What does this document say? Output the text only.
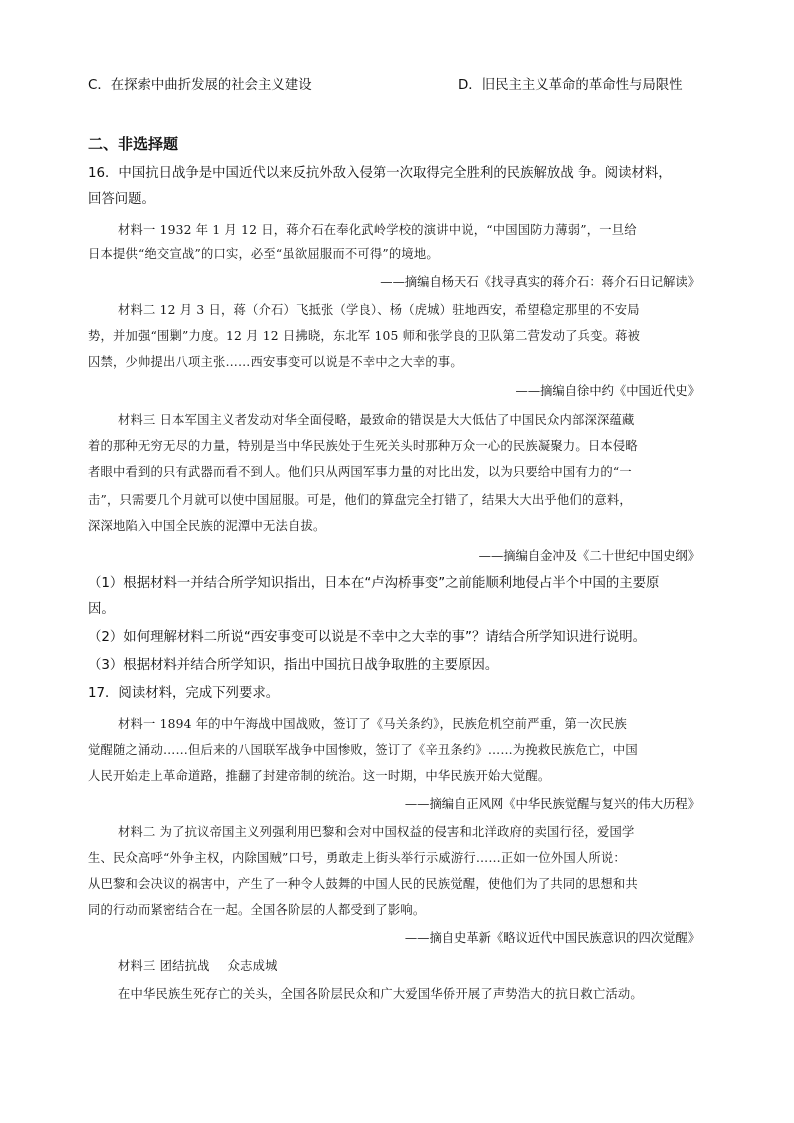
C．在探索中曲折发展的社会主义建设	D．旧民主主义革命的革命性与局限性
二、非选择题
16．中国抗日战争是中国近代以来反抗外敌入侵第一次取得完全胜利的民族解放战 争。阅读材料，
回答问题。
材料一 1932 年 1 月 12 日，蒋介石在奉化武岭学校的演讲中说，“中国国防力薄弱”，一旦给
日本提供“绝交宣战”的口实，必至“虽欲屈服而不可得”的境地。
——摘编自杨天石《找寻真实的蒋介石：蒋介石日记解读》
材料二 12 月 3 日，蒋（介石）飞抵张（学良）、杨（虎城）驻地西安，希望稳定那里的不安局
势，并加强“围剿”力度。12 月 12 日拂晓，东北军 105 师和张学良的卫队第二营发动了兵变。蒋被
囚禁，少帅提出八项主张……西安事变可以说是不幸中之大幸的事。
——摘编自徐中约《中国近代史》
材料三 日本军国主义者发动对华全面侵略，最致命的错误是大大低估了中国民众内部深深蕴藏
着的那种无穷无尽的力量，特别是当中华民族处于生死关头时那种万众一心的民族凝聚力。日本侵略
者眼中看到的只有武器而看不到人。他们只从两国军事力量的对比出发，以为只要给中国有力的“一
击”，只需要几个月就可以使中国屈服。可是，他们的算盘完全打错了，结果大大出乎他们的意料，
深深地陷入中国全民族的泥潭中无法自拔。
——摘编自金冲及《二十世纪中国史纲》
（1）根据材料一并结合所学知识指出，日本在“卢沟桥事变”之前能顺利地侵占半个中国的主要原
因。
（2）如何理解材料二所说“西安事变可以说是不幸中之大幸的事”？请结合所学知识进行说明。
（3）根据材料并结合所学知识，指出中国抗日战争取胜的主要原因。
17．阅读材料，完成下列要求。
材料一 1894 年的中午海战中国战败，签订了《马关条约》，民族危机空前严重，第一次民族
觉醒随之涌动……但后来的八国联军战争中国惨败，签订了《辛丑条约》……为挽救民族危亡，中国
人民开始走上革命道路，推翻了封建帝制的统治。这一时期，中华民族开始大觉醒。
——摘编自正风网《中华民族觉醒与复兴的伟大历程》
材料二 为了抗议帝国主义列强利用巴黎和会对中国权益的侵害和北洋政府的卖国行径，爱国学
生、民众高呼“外争主权，内除国贼”口号，勇敢走上街头举行示威游行……正如一位外国人所说：
从巴黎和会决议的祸害中，产生了一种令人鼓舞的中国人民的民族觉醒，使他们为了共同的思想和共
同的行动而紧密结合在一起。全国各阶层的人都受到了影响。
——摘自史革新《略议近代中国民族意识的四次觉醒》
材料三 团结抗战 众志成城
在中华民族生死存亡的关头，全国各阶层民众和广大爱国华侨开展了声势浩大的抗日救亡活动。
